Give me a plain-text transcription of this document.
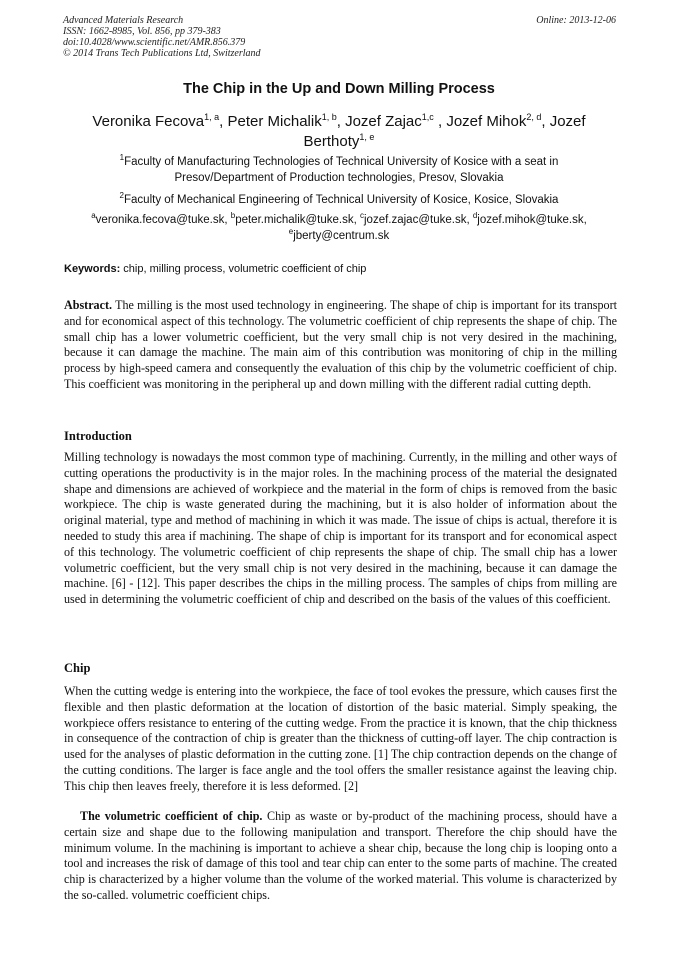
Advanced Materials Research
ISSN: 1662-8985, Vol. 856, pp 379-383
doi:10.4028/www.scientific.net/AMR.856.379
© 2014 Trans Tech Publications Ltd, Switzerland
Online: 2013-12-06
The Chip in the Up and Down Milling Process
Veronika Fecova$^{1, a}$, Peter Michalik$^{1, b}$, Jozef Zajac$^{1,c}$ , Jozef Mihok$^{2, d}$, Jozef Berthoty$^{1, e}$
$^1$Faculty of Manufacturing Technologies of Technical University of Kosice with a seat in Presov/Department of Production technologies, Presov, Slovakia
$^2$Faculty of Mechanical Engineering of Technical University of Kosice, Kosice, Slovakia
$^a$veronika.fecova@tuke.sk, $^b$peter.michalik@tuke.sk, $^c$jozef.zajac@tuke.sk, $^d$jozef.mihok@tuke.sk, $^e$jberty@centrum.sk
Keywords: chip, milling process, volumetric coefficient of chip

Abstract. The milling is the most used technology in engineering. The shape of chip is important for its transport and for economical aspect of this technology. The volumetric coefficient of chip represents the shape of chip. The small chip has a lower volumetric coefficient, but the very small chip is not very desired in the machining, because it can damage the machine. The main aim of this contribution was monitoring of chip in the milling process by high-speed camera and consequently the evaluation of this chip by the volumetric coefficient of chip. This coefficient was monitoring in the peripheral up and down milling with the different radial cutting depth.

Introduction

Milling technology is nowadays the most common type of machining. Currently, in the milling and other ways of cutting operations the productivity is in the major roles. In the machining process of the material the designated shape and dimensions are achieved of workpiece and the material in the form of chips is removed from the basic workpiece. The chip is waste generated during the machining, but it is also holder of information about the original material, type and method of machining in which it was made. The issue of chips is actual, therefore it is needed to study this area if machining. The shape of chip is important for its transport and for economical aspect of this technology. The volumetric coefficient of chip represents the shape of chip. The small chip has a lower volumetric coefficient, but the very small chip is not very desired in the machining, because it can damage the machine. [6] - [12]. This paper describes the chips in the milling process. The samples of chips from milling are used in determining the volumetric coefficient of chip and described on the basis of the values of this coefficient.

Chip

When the cutting wedge is entering into the workpiece, the face of tool evokes the pressure, which causes first the flexible and then plastic deformation at the location of distortion of the basic material. Simply speaking, the workpiece offers resistance to entering of the cutting wedge. From the practice it is known, that the chip thickness in consequence of the contraction of chip is greater than the thickness of cutting-off layer. The chip contraction is used for the analyses of plastic deformation in the cutting zone. [1] The chip contraction depends on the change of the cutting conditions. The larger is face angle and the tool offers the smaller resistance against the leaving chip. This chip then leaves freely, therefore it is less deformed. [2]

The volumetric coefficient of chip. Chip as waste or by-product of the machining process, should have a certain size and shape due to the following manipulation and transport. Therefore the chip should have the minimum volume. In the machining is important to achieve a shear chip, because the long chip is looping onto a tool and increases the risk of damage of this tool and tear chip can enter to the some parts of machine. The created chip is characterized by a higher volume than the volume of the worked material. This volume is characterized by the so-called. volumetric coefficient chips.
